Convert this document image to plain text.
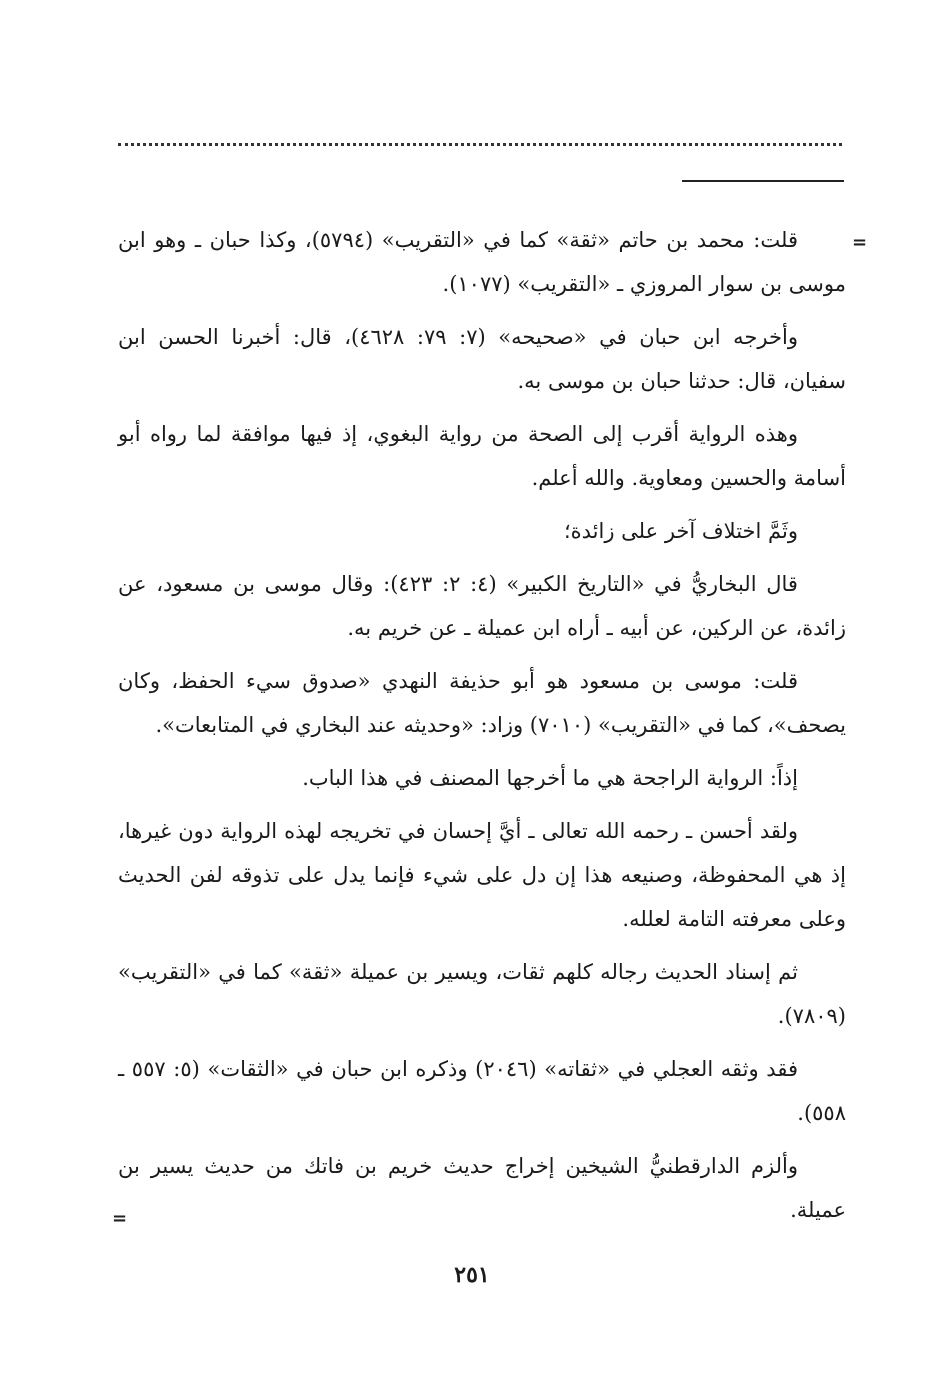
=

قلت: محمد بن حاتم «ثقة» كما في «التقريب» (٥٧٩٤)، وكذا حبان ـ وهو ابن موسى بن سوار المروزي ـ «التقريب» (١٠٧٧).

وأخرجه ابن حبان في «صحيحه» (٧: ٧٩: ٤٦٢٨)، قال: أخبرنا الحسن ابن سفيان، قال: حدثنا حبان بن موسى به.

وهذه الرواية أقرب إلى الصحة من رواية البغوي، إذ فيها موافقة لما رواه أبو أسامة والحسين ومعاوية. والله أعلم.

وثَمَّ اختلاف آخر على زائدة؛

قال البخاريُّ في «التاريخ الكبير» (٤: ٢: ٤٢٣): وقال موسى بن مسعود، عن زائدة، عن الركين، عن أبيه ـ أراه ابن عميلة ـ عن خريم به.

قلت: موسى بن مسعود هو أبو حذيفة النهدي «صدوق سيء الحفظ، وكان يصحف»، كما في «التقريب» (٧٠١٠) وزاد: «وحديثه عند البخاري في المتابعات».

إذاً: الرواية الراجحة هي ما أخرجها المصنف في هذا الباب.

ولقد أحسن ـ رحمه الله تعالى ـ أيَّ إحسان في تخريجه لهذه الرواية دون غيرها، إذ هي المحفوظة، وصنيعه هذا إن دل على شيء فإنما يدل على تذوقه لفن الحديث وعلى معرفته التامة لعلله.

ثم إسناد الحديث رجاله كلهم ثقات، ويسير بن عميلة «ثقة» كما في «التقريب» (٧٨٠٩).

فقد وثقه العجلي في «ثقاته» (٢٠٤٦) وذكره ابن حبان في «الثقات» (٥: ٥٥٧ ـ ٥٥٨).

وألزم الدارقطنيُّ الشيخين إخراج حديث خريم بن فاتك من حديث يسير بن عميلة.

=
٢٥١
